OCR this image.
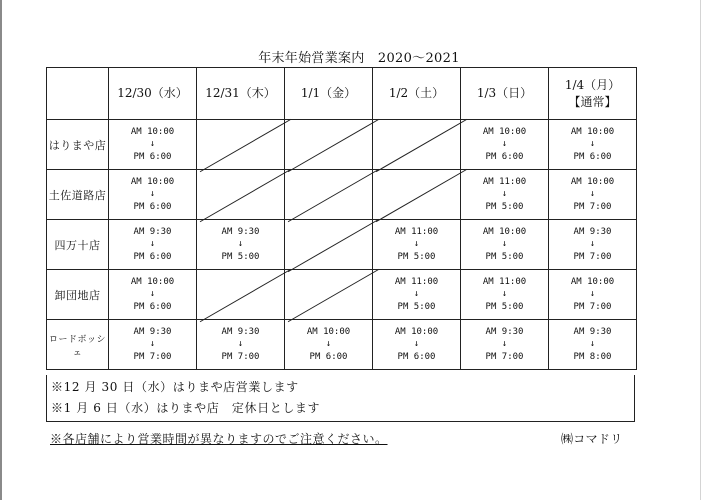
年末年始営業案内　2020～2021
	12/30（水）	12/31（木）	1/1（金）	1/2（土）	1/3（日）	1/4（月）
【通常】
はりまや店	AM 10:00
↓
PM 6:00				AM 10:00
↓
PM 6:00	AM 10:00
↓
PM 6:00

土佐道路店	AM 10:00
↓
PM 6:00				AM 11:00
↓
PM 5:00	AM 10:00
↓
PM 7:00

四万十店	AM 9:30
↓
PM 6:00	AM 9:30
↓
PM 5:00		AM 11:00
↓
PM 5:00	AM 10:00
↓
PM 5:00	AM 9:30
↓
PM 7:00

卸団地店	AM 10:00
↓
PM 6:00			AM 11:00
↓
PM 5:00	AM 11:00
↓
PM 5:00	AM 10:00
↓
PM 7:00

ロードボッシェ	AM 9:30
↓
PM 7:00	AM 9:30
↓
PM 7:00	AM 10:00
↓
PM 6:00	AM 10:00
↓
PM 6:00	AM 9:30
↓
PM 7:00	AM 9:30
↓
PM 8:00
※12 月 30 日（水）はりまや店営業します
※1 月 6 日（水）はりまや店　定休日とします
※各店舗により営業時間が異なりますのでご注意ください。	㈱コマドリ
